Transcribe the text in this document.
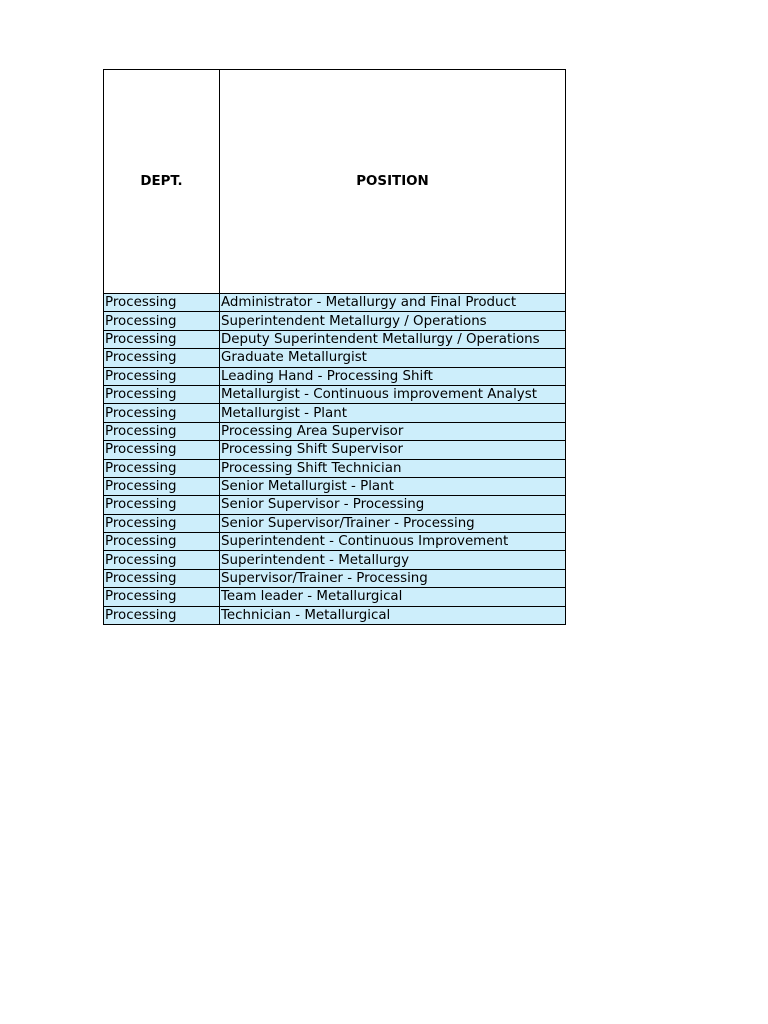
DEPT.	POSITION
Processing	Administrator - Metallurgy and Final Product
Processing	Superintendent Metallurgy / Operations
Processing	Deputy Superintendent Metallurgy / Operations
Processing	Graduate Metallurgist
Processing	Leading Hand - Processing Shift
Processing	Metallurgist - Continuous improvement Analyst
Processing	Metallurgist - Plant
Processing	Processing Area Supervisor
Processing	Processing Shift Supervisor
Processing	Processing Shift Technician
Processing	Senior Metallurgist - Plant
Processing	Senior Supervisor - Processing
Processing	Senior Supervisor/Trainer - Processing
Processing	Superintendent - Continuous Improvement
Processing	Superintendent - Metallurgy
Processing	Supervisor/Trainer - Processing
Processing	Team leader - Metallurgical
Processing	Technician - Metallurgical
